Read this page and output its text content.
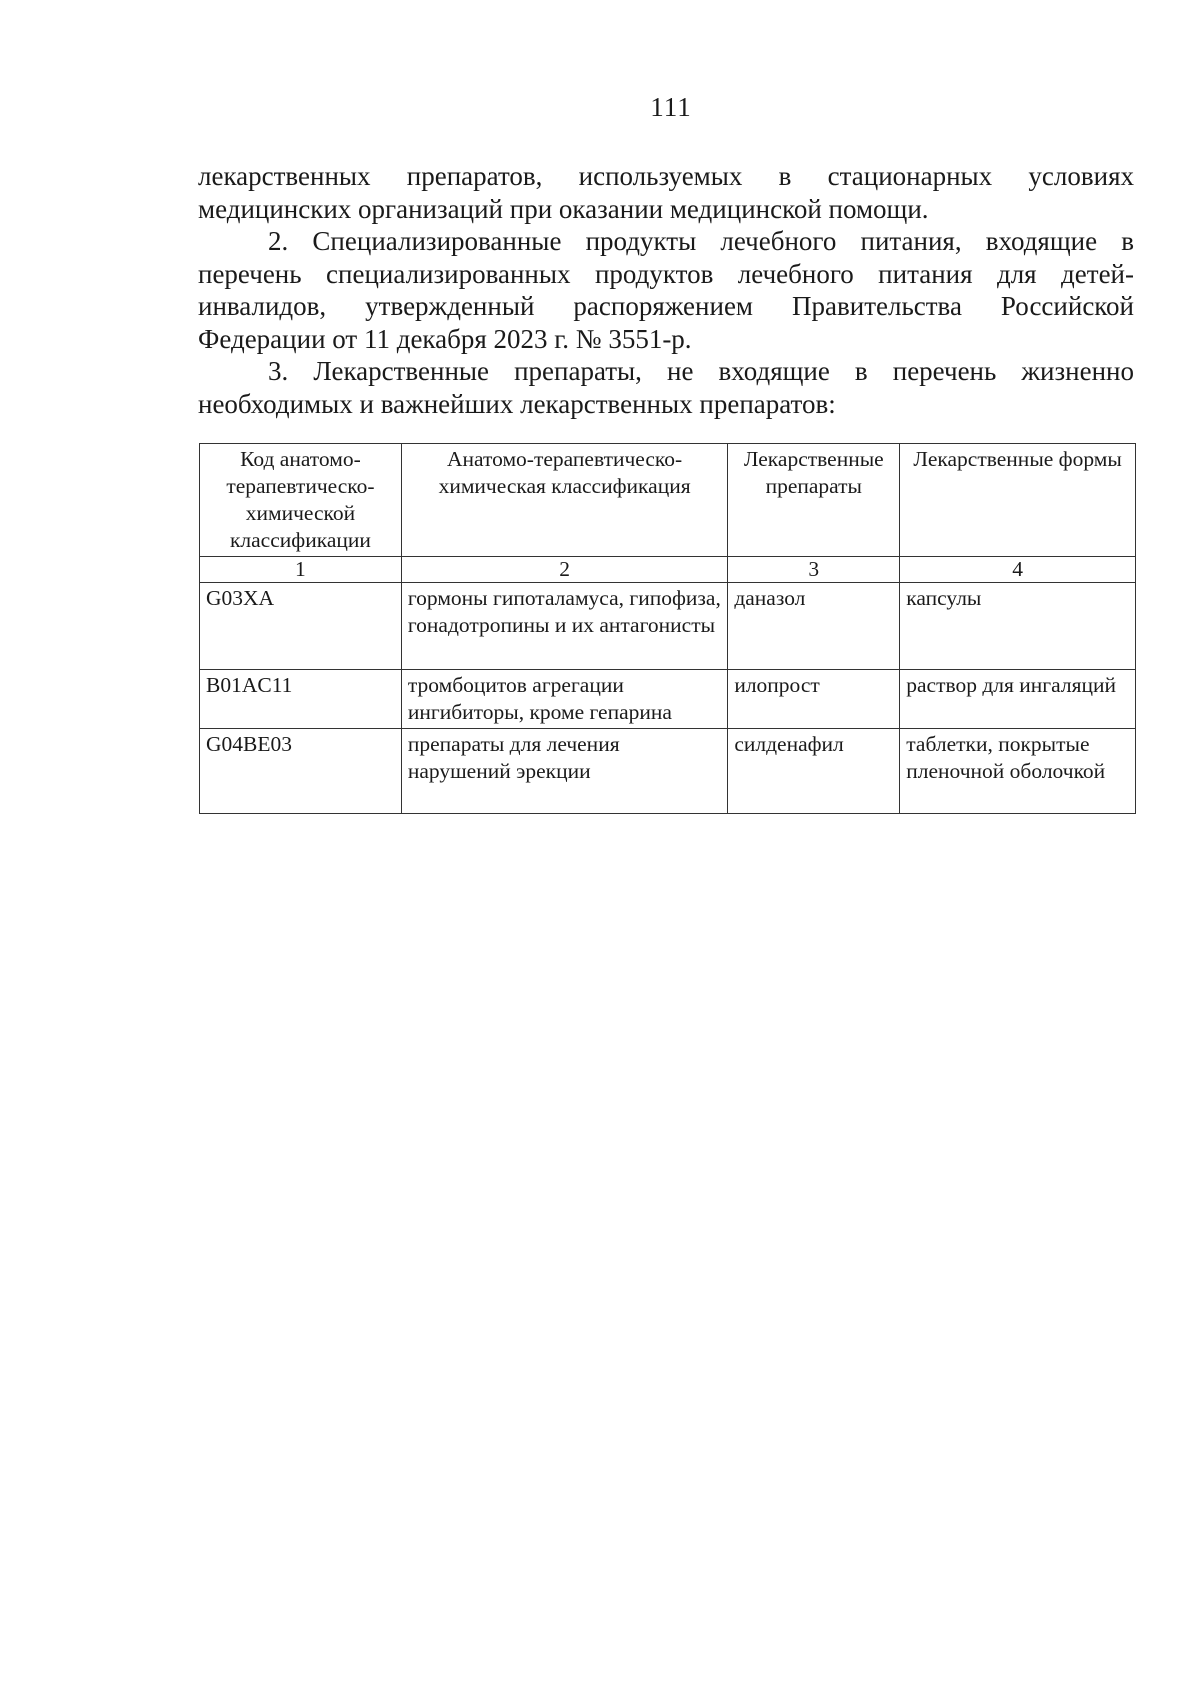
111

лекарственных препаратов, используемых в стационарных условиях медицинских организаций при оказании медицинской помощи.

2. Специализированные продукты лечебного питания, входящие в перечень специализированных продуктов лечебного питания для детей-инвалидов, утвержденный распоряжением Правительства Российской Федерации от 11 декабря 2023 г. № 3551-р.

3. Лекарственные препараты, не входящие в перечень жизненно необходимых и важнейших лекарственных препаратов:

Код анатомо-терапевтическо-химической классификации	Анатомо-терапевтическо-химическая классификация	Лекарственные препараты	Лекарственные формы
1	2	3	4
G03XA	гормоны гипоталамуса, гипофиза, гонадотропины и их антагонисты	даназол	капсулы
B01AC11	тромбоцитов агрегации ингибиторы, кроме гепарина	илопрост	раствор для ингаляций
G04BE03	препараты для лечения нарушений эрекции	силденафил	таблетки, покрытые пленочной оболочкой
